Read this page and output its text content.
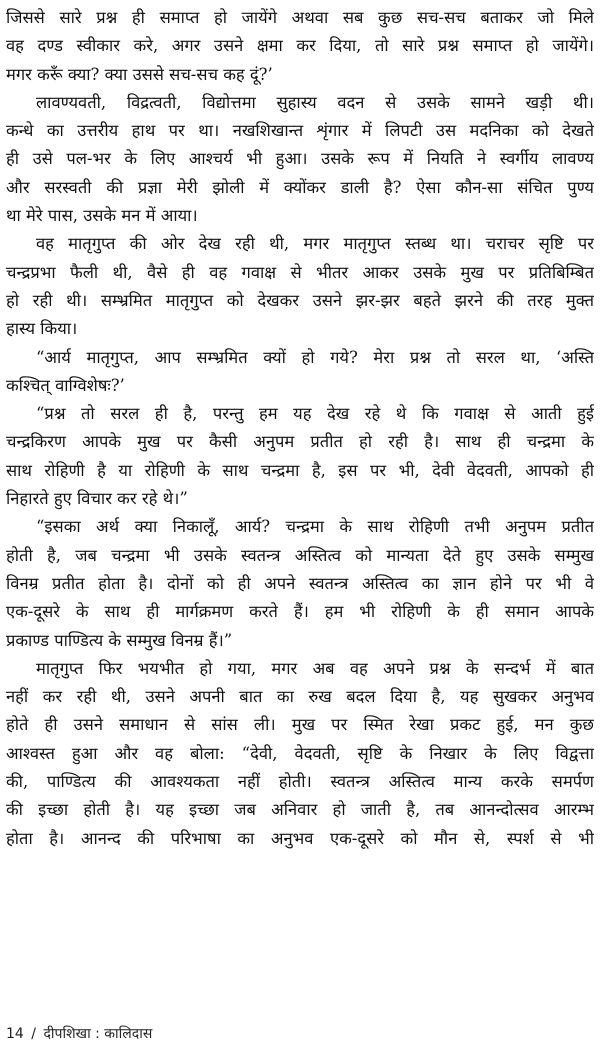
जिससे सारे प्रश्न ही समाप्त हो जायेंगे अथवा सब कुछ सच-सच बताकर जो मिले
वह दण्ड स्वीकार करे, अगर उसने क्षमा कर दिया, तो सारे प्रश्न समाप्त हो जायेंगे।
मगर करूँ क्या? क्या उससे सच-सच कह दूं?’
लावण्यवती, विद्रत्वती, विद्योत्तमा सुहास्य वदन से उसके सामने खड़ी थी।
कन्धे का उत्तरीय हाथ पर था। नखशिखान्त शृंगार में लिपटी उस मदनिका को देखते
ही उसे पल-भर के लिए आश्चर्य भी हुआ। उसके रूप में नियति ने स्वर्गीय लावण्य
और सरस्वती की प्रज्ञा मेरी झोली में क्योंकर डाली है? ऐसा कौन-सा संचित पुण्य
था मेरे पास, उसके मन में आया।
वह मातृगुप्त की ओर देख रही थी, मगर मातृगुप्त स्तब्ध था। चराचर सृष्टि पर
चन्द्रप्रभा फैली थी, वैसे ही वह गवाक्ष से भीतर आकर उसके मुख पर प्रतिबिम्बित
हो रही थी। सम्भ्रमित मातृगुप्त को देखकर उसने झर-झर बहते झरने की तरह मुक्त
हास्य किया।
“आर्य मातृगुप्त, आप सम्भ्रमित क्यों हो गये? मेरा प्रश्न तो सरल था, ‘अस्ति
कश्चित् वाग्विशेषः?’
“प्रश्न तो सरल ही है, परन्तु हम यह देख रहे थे कि गवाक्ष से आती हुई
चन्द्रकिरण आपके मुख पर कैसी अनुपम प्रतीत हो रही है। साथ ही चन्द्रमा के
साथ रोहिणी है या रोहिणी के साथ चन्द्रमा है, इस पर भी, देवी वेदवती, आपको ही
निहारते हुए विचार कर रहे थे।”
“इसका अर्थ क्या निकालूँ, आर्य? चन्द्रमा के साथ रोहिणी तभी अनुपम प्रतीत
होती है, जब चन्द्रमा भी उसके स्वतन्त्र अस्तित्व को मान्यता देते हुए उसके सम्मुख
विनम्र प्रतीत होता है। दोनों को ही अपने स्वतन्त्र अस्तित्व का ज्ञान होने पर भी वे
एक-दूसरे के साथ ही मार्गक्रमण करते हैं। हम भी रोहिणी के ही समान आपके
प्रकाण्ड पाण्डित्य के सम्मुख विनम्र हैं।”
मातृगुप्त फिर भयभीत हो गया, मगर अब वह अपने प्रश्न के सन्दर्भ में बात
नहीं कर रही थी, उसने अपनी बात का रुख बदल दिया है, यह सुखकर अनुभव
होते ही उसने समाधान से सांस ली। मुख पर स्मित रेखा प्रकट हुई, मन कुछ
आश्वस्त हुआ और वह बोला: “देवी, वेदवती, सृष्टि के निखार के लिए विद्वत्ता
की, पाण्डित्य की आवश्यकता नहीं होती। स्वतन्त्र अस्तित्व मान्य करके समर्पण
की इच्छा होती है। यह इच्छा जब अनिवार हो जाती है, तब आनन्दोत्सव आरम्भ
होता है। आनन्द की परिभाषा का अनुभव एक-दूसरे को मौन से, स्पर्श से भी
14 / दीपशिखा : कालिदास
